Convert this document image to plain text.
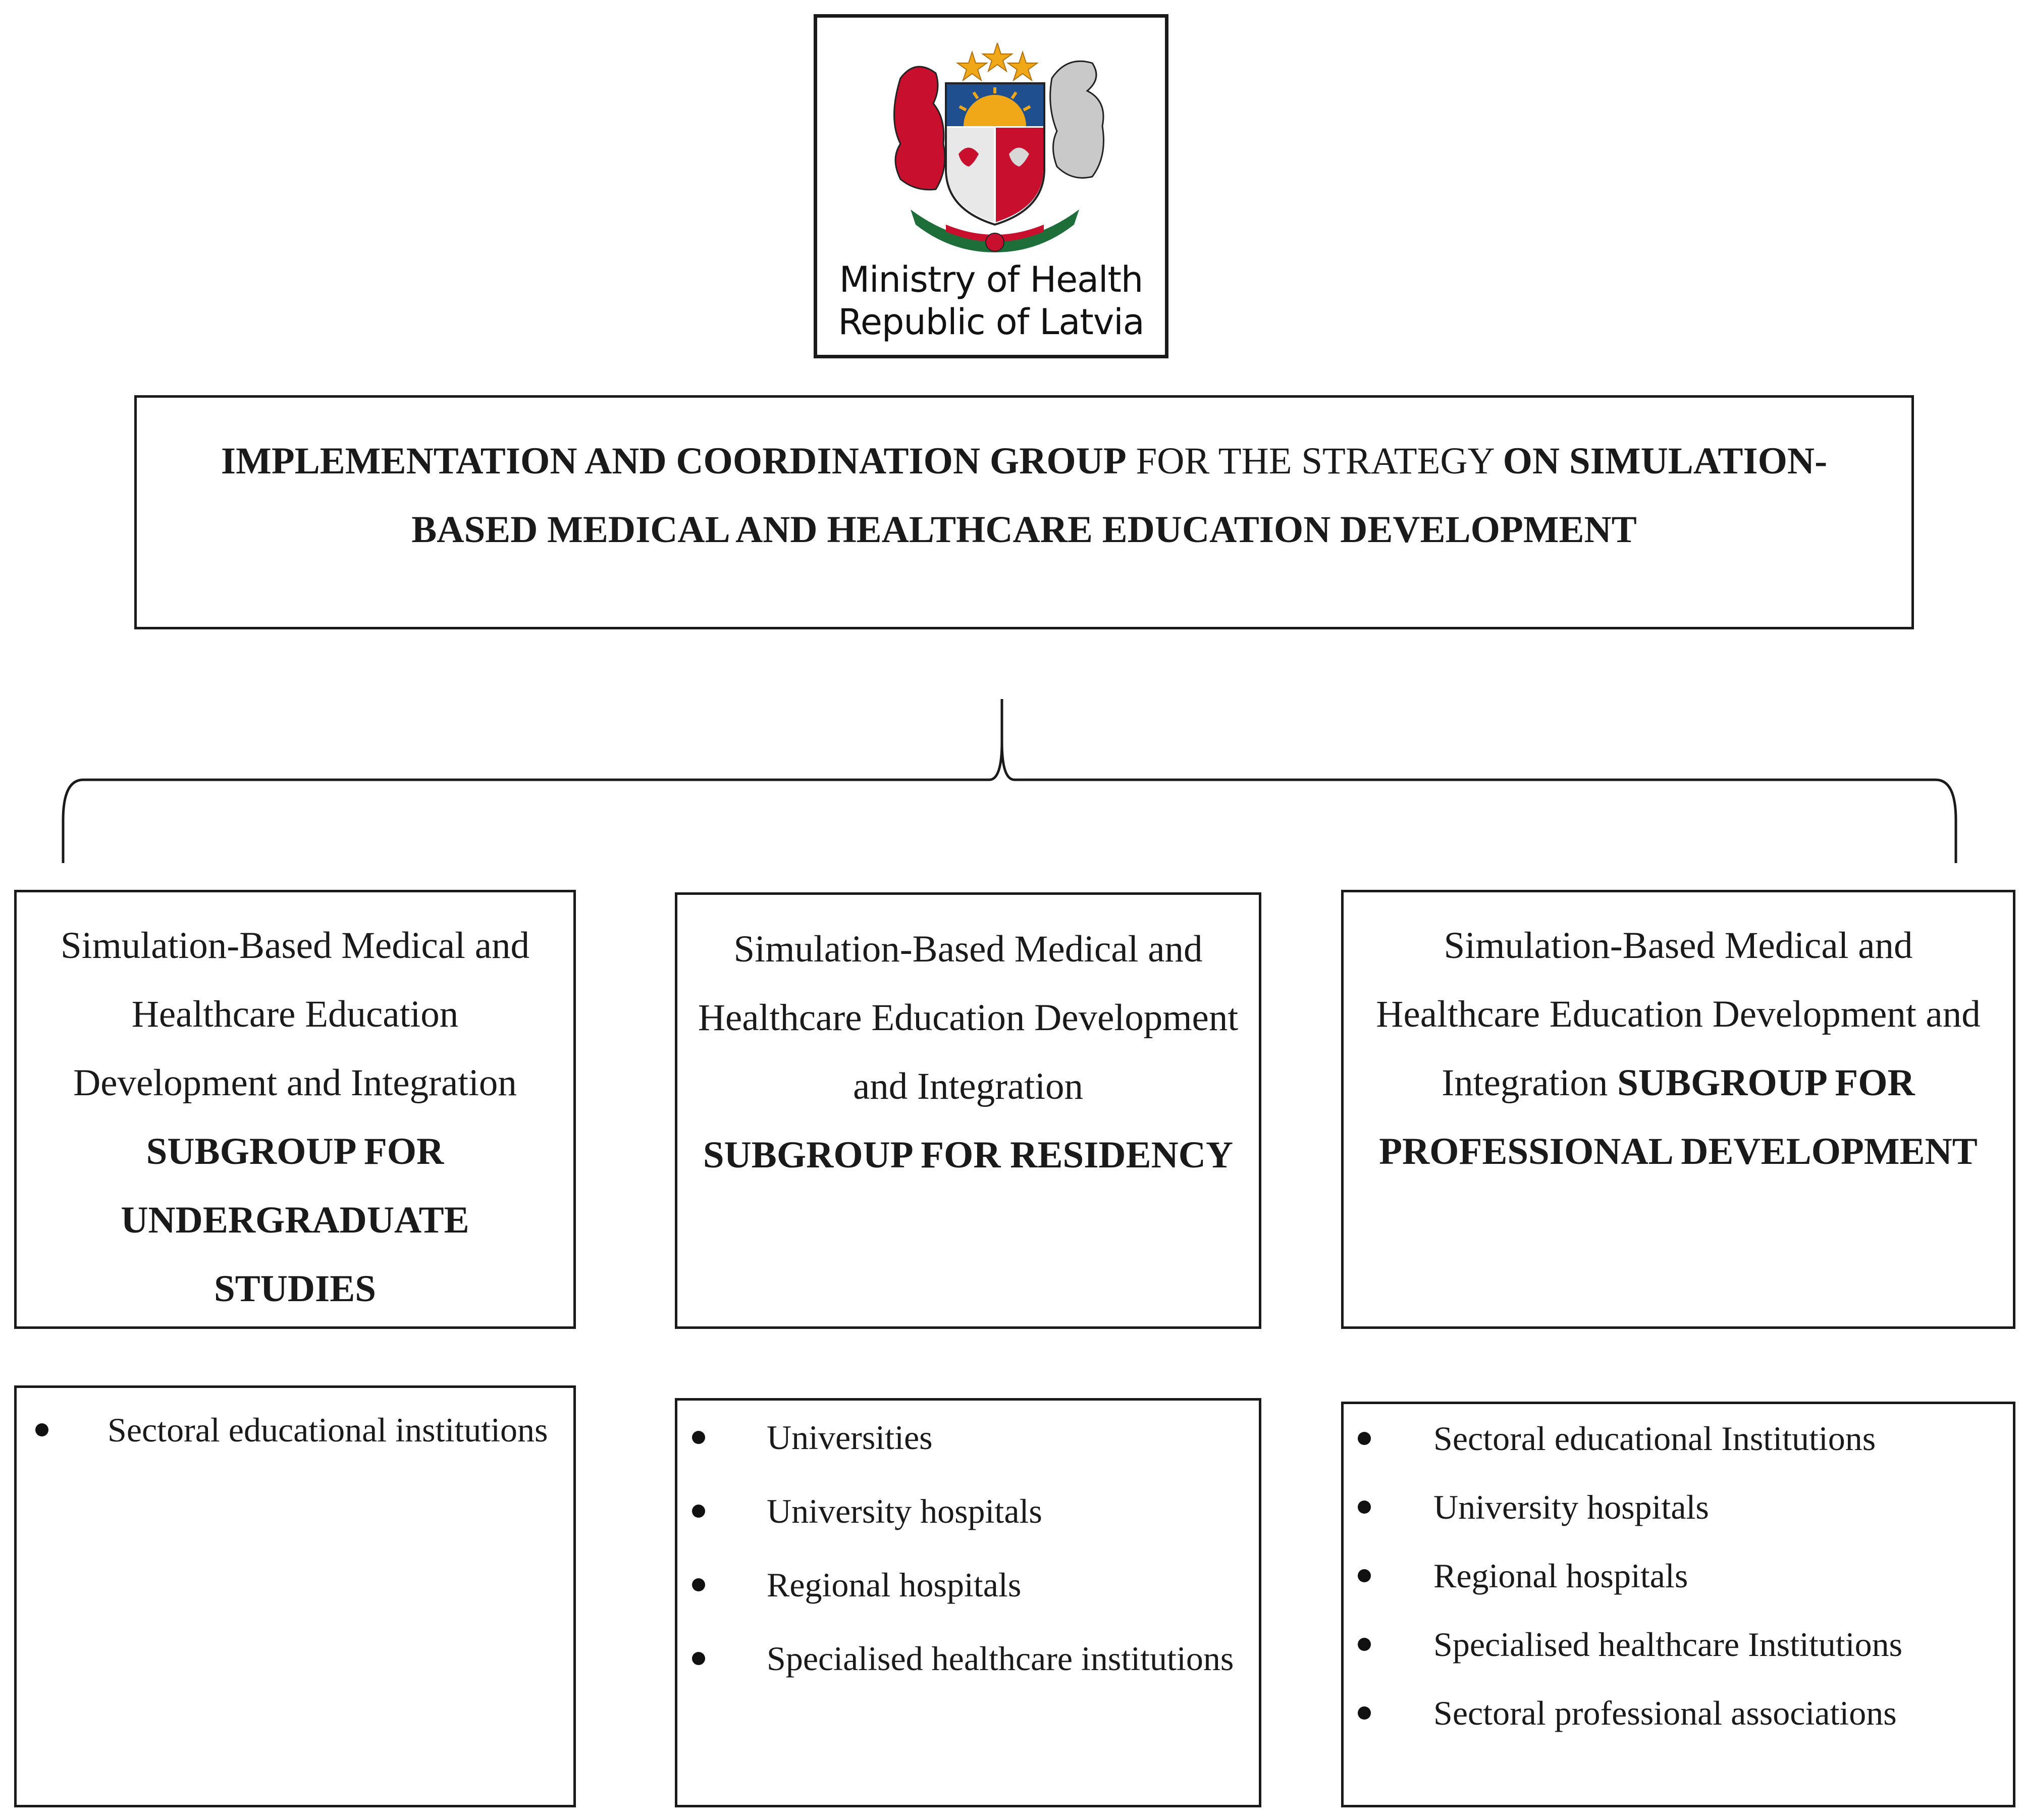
Ministry of Health
Republic of Latvia
IMPLEMENTATION AND COORDINATION GROUP FOR THE STRATEGY ON SIMULATION-BASED MEDICAL AND HEALTHCARE EDUCATION DEVELOPMENT
Simulation-Based Medical and Healthcare Education Development and Integration SUBGROUP FOR UNDERGRADUATE STUDIES
Simulation-Based Medical and Healthcare Education Development and Integration
SUBGROUP FOR RESIDENCY
Simulation-Based Medical and Healthcare Education Development and Integration SUBGROUP FOR PROFESSIONAL DEVELOPMENT
Sectoral educational institutions	Universities
University hospitals
Regional hospitals
Specialised healthcare institutions
Sectoral educational Institutions
University hospitals
Regional hospitals
Specialised healthcare Institutions
Sectoral professional associations
